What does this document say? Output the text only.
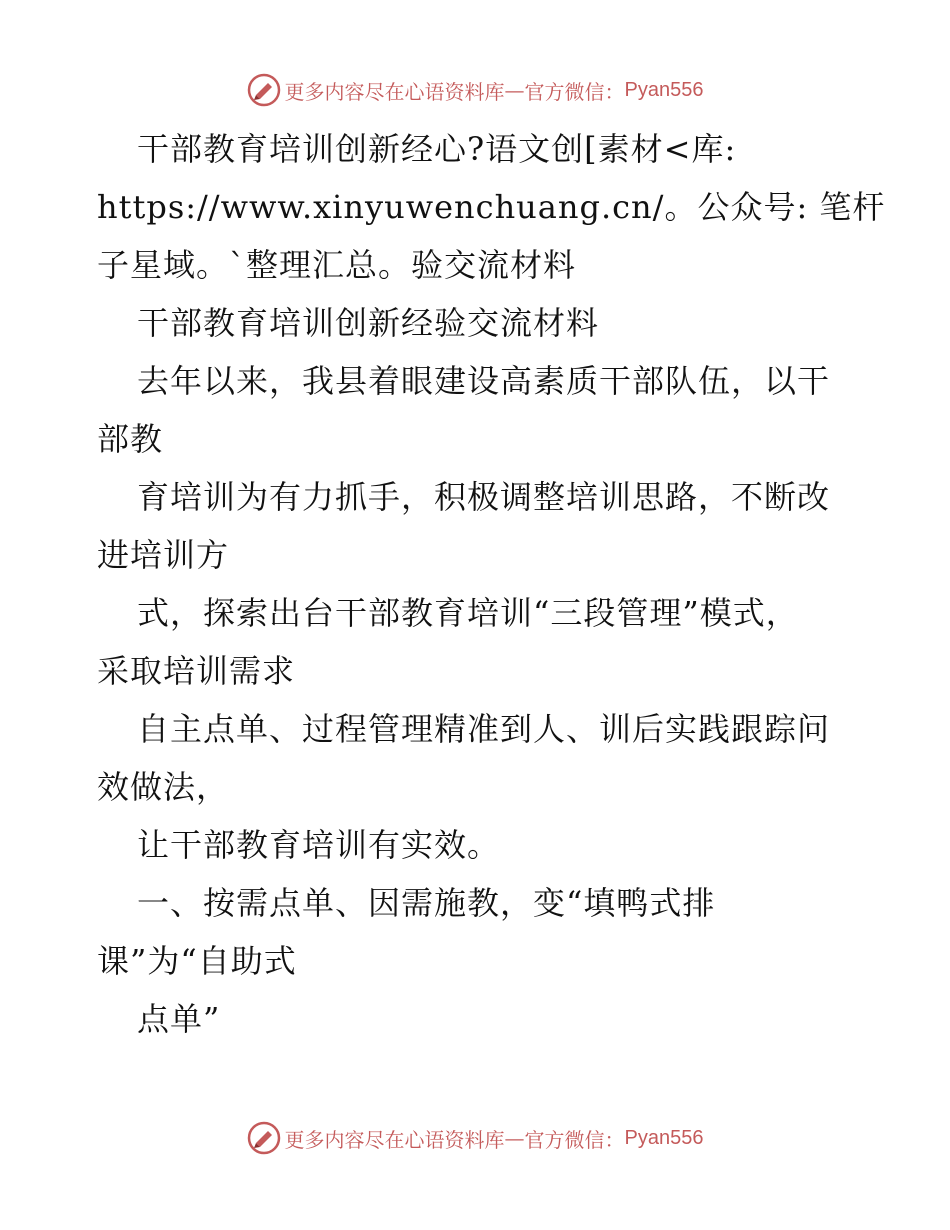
更多内容尽在心语资料库 — 官方微信： Pyan556
干部教育培训创新经心?语文创[素材<库:
https://www.xinyuwenchuang.cn/。公众号: 笔杆
子星域。`整理汇总。验交流材料
干部教育培训创新经验交流材料
去年以来，我县着眼建设高素质干部队伍，以干
部教
育培训为有力抓手，积极调整培训思路，不断改
进培训方
式，探索出台干部教育培训“三段管理”模式，
采取培训需求
自主点单、过程管理精准到人、训后实践跟踪问
效做法，
让干部教育培训有实效。
一、按需点单、因需施教，变“填鸭式排
课”为“自助式
点单”
更多内容尽在心语资料库 — 官方微信： Pyan556
